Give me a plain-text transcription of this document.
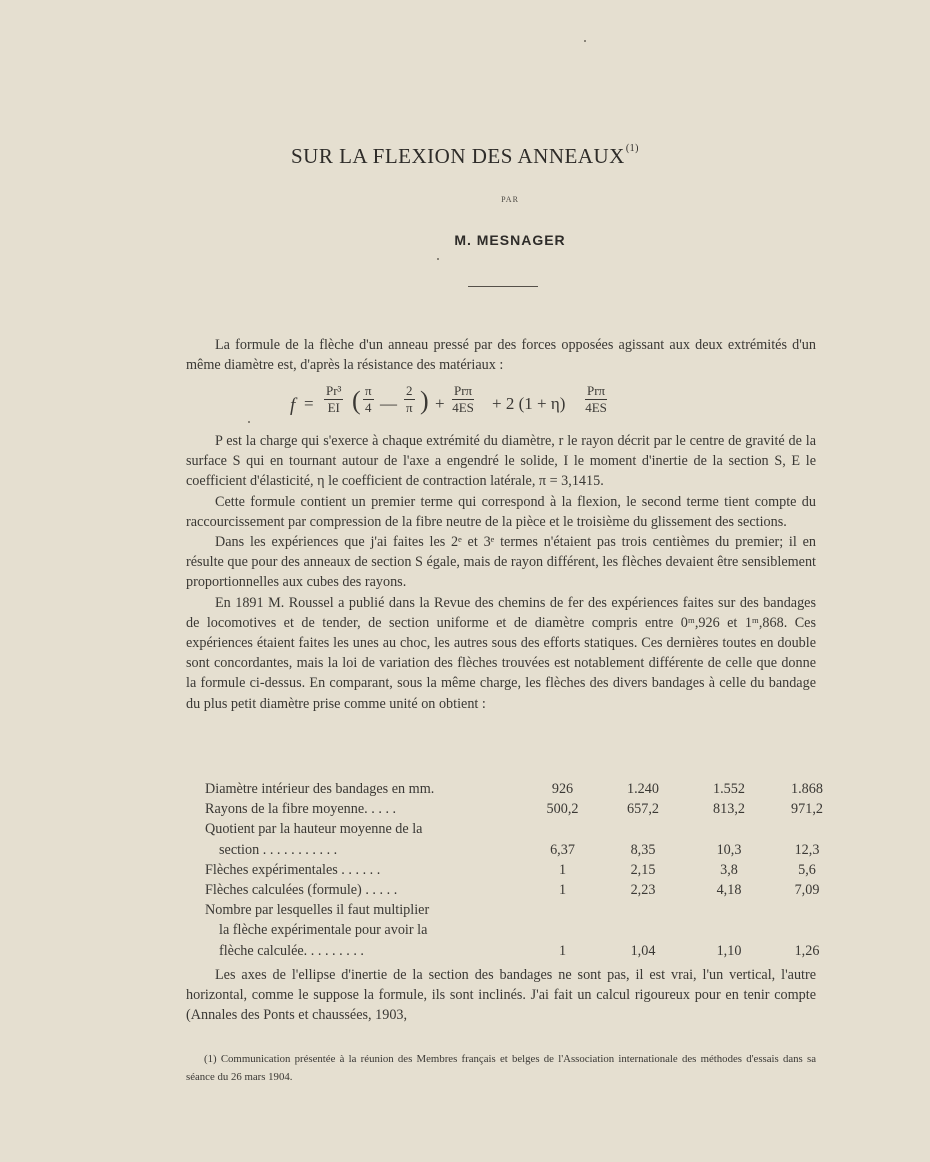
SUR LA FLEXION DES ANNEAUX$^{(1)}$
PAR
M. MESNAGER

La formule de la flèche d'un anneau pressé par des forces opposées agissant aux deux extrémités d'un même diamètre est, d'après la résistance des matériaux :

$f = \frac{\text{Pr³}}{EI}$ ( $\frac{\pi}{4}$ — $\frac{2}{\pi}$ ) +
Prπ
4ES + 2 (1 + η)
Prπ
4ES

P est la charge qui s'exerce à chaque extrémité du diamètre, r le rayon décrit par le centre de gravité de la surface S qui en tournant autour de l'axe a engendré le solide, I le moment d'inertie de la section S, E le coefficient d'élasticité, η le coefficient de contraction latérale, π = 3,1415.

Cette formule contient un premier terme qui correspond à la flexion, le second terme tient compte du raccourcissement par compression de la fibre neutre de la pièce et le troisième du glissement des sections.

Dans les expériences que j'ai faites les 2ᵉ et 3ᵉ termes n'étaient pas trois centièmes du premier; il en résulte que pour des anneaux de section S égale, mais de rayon différent, les flèches devaient être sensiblement proportionnelles aux cubes des rayons.

En 1891 M. Roussel a publié dans la Revue des chemins de fer des expériences faites sur des bandages de locomotives et de tender, de section uniforme et de diamètre compris entre 0ᵐ,926 et 1ᵐ,868. Ces expériences étaient faites les unes au choc, les autres sous des efforts statiques. Ces dernières toutes en double sont concordantes, mais la loi de variation des flèches trouvées est notablement différente de celle que donne la formule ci-dessus. En comparant, sous la même charge, les flèches des divers bandages à celle du bandage du plus petit diamètre prise comme unité on obtient :

Diamètre intérieur des bandages en mm.	926	1.240	1.552	1.868
Rayons de la fibre moyenne. . . . .	500,2	657,2	813,2	971,2
Quotient par la hauteur moyenne de la				
section . . . . . . . . . . .	6,37	8,35	10,3	12,3
Flèches expérimentales . . . . . .	1	2,15	3,8	5,6
Flèches calculées (formule) . . . . .	1	2,23	4,18	7,09
Nombre par lesquelles il faut multiplier				
la flèche expérimentale pour avoir la				
flèche calculée. . . . . . . . .	1	1,04	1,10	1,26

Les axes de l'ellipse d'inertie de la section des bandages ne sont pas, il est vrai, l'un vertical, l'autre horizontal, comme le suppose la formule, ils sont inclinés. J'ai fait un calcul rigoureux pour en tenir compte (Annales des Ponts et chaussées, 1903,

(1) Communication présentée à la réunion des Membres français et belges de l'Association internationale des méthodes d'essais dans sa séance du 26 mars 1904.
